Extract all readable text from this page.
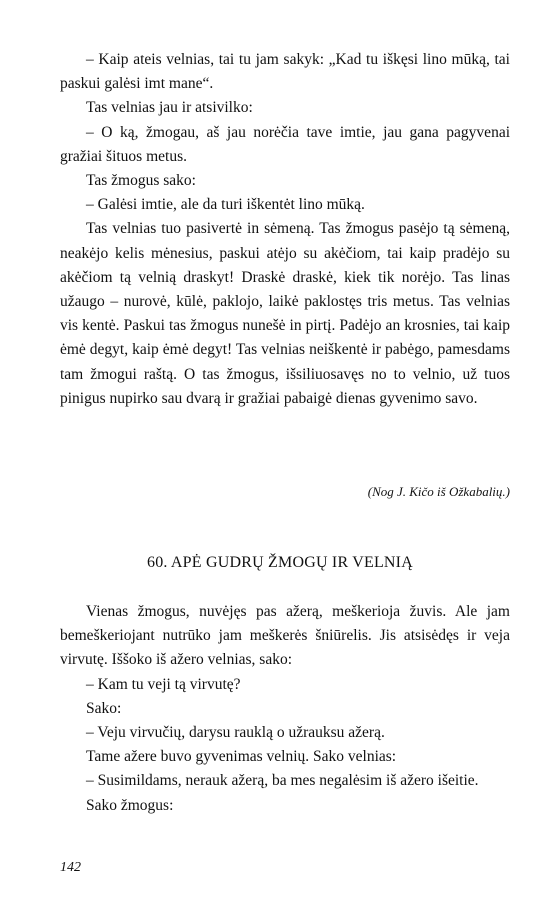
– Kaip ateis velnias, tai tu jam sakyk: „Kad tu iškęsi lino mūką, tai paskui galėsi imt mane“.

Tas velnias jau ir atsivilko:

– O ką, žmogau, aš jau norėčia tave imtie, jau gana pagyvenai gražiai šituos metus.

Tas žmogus sako:

– Galėsi imtie, ale da turi iškentėt lino mūką.

Tas velnias tuo pasivertė in sėmeną. Tas žmogus pasėjo tą sėmeną, neakėjo kelis mėnesius, paskui atėjo su akėčiom, tai kaip pradėjo su akėčiom tą velnią draskyt! Draskė draskė, kiek tik norėjo. Tas linas užaugo – nurovė, kūlė, paklojo, laikė paklostęs tris metus. Tas velnias vis kentė. Paskui tas žmogus nunešė in pirtį. Padėjo an krosnies, tai kaip ėmė degyt, kaip ėmė degyt! Tas velnias neiškentė ir pabėgo, pamesdams tam žmogui raštą. O tas žmogus, išsiliuosavęs no to velnio, už tuos pinigus nupirko sau dvarą ir gražiai pabaigė dienas gyvenimo savo.

(Nog J. Kičo iš Ožkabalių.)
60. APĖ GUDRŲ ŽMOGŲ IR VELNIĄ

Vienas žmogus, nuvėjęs pas ažerą, meškerioja žuvis. Ale jam bemeškeriojant nutrūko jam meškerės šniūrelis. Jis atsisėdęs ir veja virvutę. Iššoko iš ažero velnias, sako:

– Kam tu veji tą virvutę?

Sako:

– Veju virvučių, darysu rauklą o užrauksu ažerą.

Tame ažere buvo gyvenimas velnių. Sako velnias:

– Susimildams, nerauk ažerą, ba mes negalėsim iš ažero išeitie.

Sako žmogus:

142
